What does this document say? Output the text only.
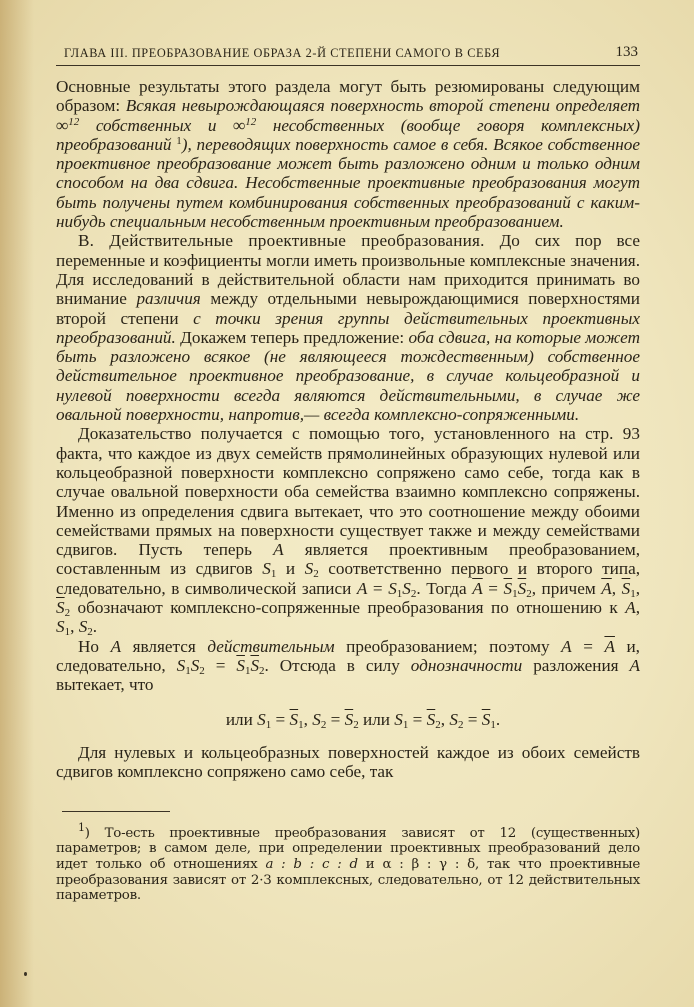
ГЛАВА III. ПРЕОБРАЗОВАНИЕ ОБРАЗА 2-Й СТЕПЕНИ САМОГО В СЕБЯ	133

Основные результаты этого раздела могут быть резюмированы следующим образом: Всякая невырождающаяся поверхность второй степени определяет ∞$^{12}$ собственных и ∞$^{12}$ несобственных (вообще говоря комплексных) преобразований $^1$), переводящих поверхность самое в себя. Всякое собственное проективное преобразование может быть разложено одним и только одним способом на два сдвига. Несобственные проективные преобразования могут быть получены путем комбинирования собственных преобразований с каким-нибудь специальным несобственным проективным преобразованием.

В. Действительные проективные преобразования. До сих пор все переменные и коэфициенты могли иметь произвольные комплексные значения. Для исследований в действительной области нам приходится принимать во внимание различия между отдельными невырождающимися поверхностями второй степени с точки зрения группы действительных проективных преобразований. Докажем теперь предложение: оба сдвига, на которые может быть разложено всякое (не являющееся тождественным) собственное действительное проективное преобразование, в случае кольцеобразной и нулевой поверхности всегда являются действительными, в случае же овальной поверхности, напротив,— всегда комплексно-сопряженными.

Доказательство получается с помощью того, установленного на стр. 93 факта, что каждое из двух семейств прямолинейных образующих нулевой или кольцеобразной поверхности комплексно сопряжено само себе, тогда как в случае овальной поверхности оба семейства взаимно комплексно сопряжены. Именно из определения сдвига вытекает, что это соотношение между обоими семействами прямых на поверхности существует также и между семействами сдвигов. Пусть теперь A является проективным преобразованием, составленным из сдвигов $S_1$ и $S_2$ соответственно первого и второго типа, следовательно, в символической записи $A = S_1S_2$. Тогда $\overline{A} = \overline{S}_1\overline{S}_2$, причем $\overline{A}$, $\overline{S}_1$, $\overline{S}_2$ обозначают комплексно-сопряженные преобразования по отношению к A, $S_1$, $S_2$.

Но A является действительным преобразованием; поэтому $A = \overline{A}$ и, следовательно, $S_1S_2 = \overline{S}_1\overline{S}_2$. Отсюда в силу однозначности разложения A вытекает, что

или $S_1 = \overline{S}_1$, $S_2 = \overline{S}_2$ или $S_1 = \overline{S}_2$, $S_2 = \overline{S}_1$.

Для нулевых и кольцеобразных поверхностей каждое из обоих семейств сдвигов комплексно сопряжено само себе, так

$^1$) То-есть проективные преобразования зависят от 12 (существенных) параметров; в самом деле, при определении проективных преобразований дело идет только об отношениях a : b : c : d и α : β : γ : δ, так что проективные преобразования зависят от 2·3 комплексных, следовательно, от 12 действительных параметров.
